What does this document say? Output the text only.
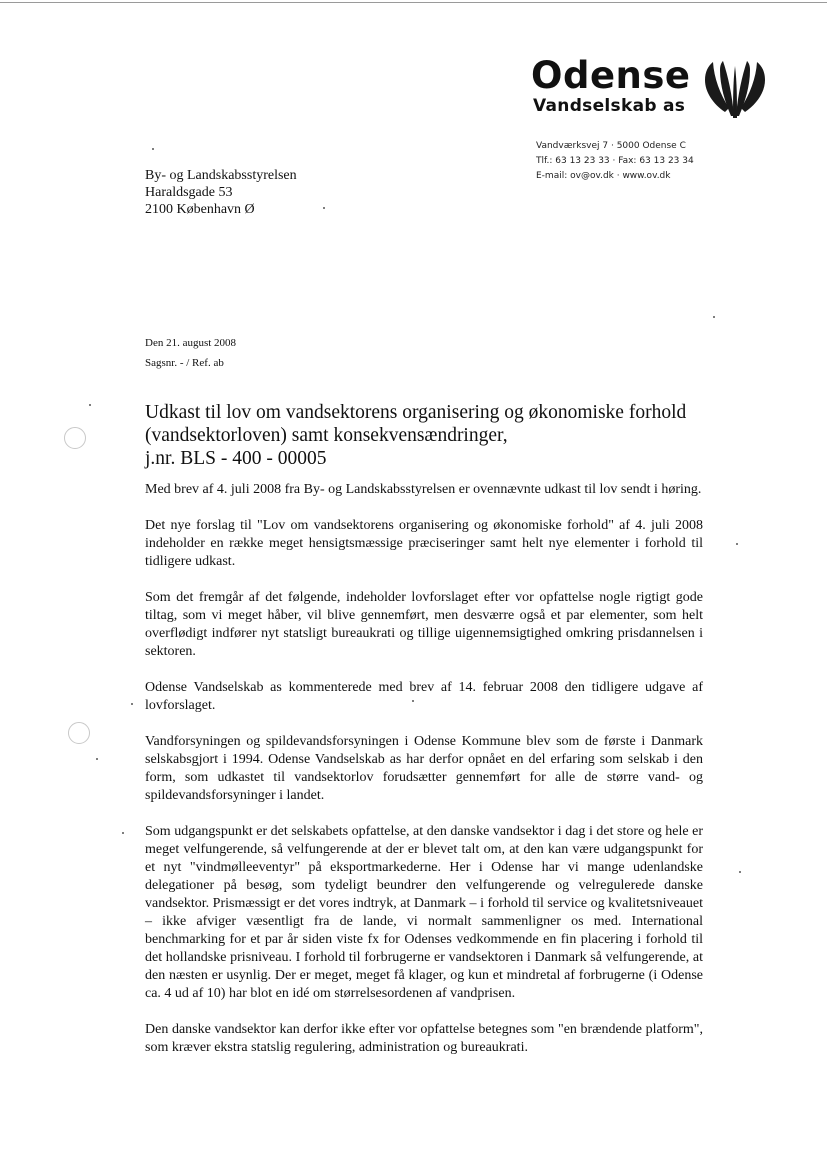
Odense
Vandselskab as
Vandværksvej 7 · 5000 Odense C
Tlf.: 63 13 23 33 · Fax: 63 13 23 34
E-mail: ov@ov.dk · www.ov.dk
By- og Landskabsstyrelsen
Haraldsgade 53
2100 København Ø
Den 21. august 2008
Sagsnr. - / Ref. ab
Udkast til lov om vandsektorens organisering og økonomiske forhold
(vandsektorloven) samt konsekvensændringer,
j.nr. BLS - 400 - 00005

Med brev af 4. juli 2008 fra By- og Landskabsstyrelsen er ovennævnte udkast til lov sendt i høring.

Det nye forslag til "Lov om vandsektorens organisering og økonomiske forhold" af 4. juli 2008 indeholder en række meget hensigtsmæssige præciseringer samt helt nye elementer i forhold til tidligere udkast.

Som det fremgår af det følgende, indeholder lovforslaget efter vor opfattelse nogle rigtigt gode tiltag, som vi meget håber, vil blive gennemført, men desværre også et par elementer, som helt overflødigt indfører nyt statsligt bureaukrati og tillige uigennemsigtighed omkring prisdannelsen i sektoren.

Odense Vandselskab as kommenterede med brev af 14. februar 2008 den tidligere udgave af lovforslaget.

Vandforsyningen og spildevandsforsyningen i Odense Kommune blev som de første i Danmark selskabsgjort i 1994. Odense Vandselskab as har derfor opnået en del erfaring som selskab i den form, som udkastet til vandsektorlov forudsætter gennemført for alle de større vand- og spildevandsforsyninger i landet.

Som udgangspunkt er det selskabets opfattelse, at den danske vandsektor i dag i det store og hele er meget velfungerende, så velfungerende at der er blevet talt om, at den kan være udgangspunkt for et nyt "vindmølleeventyr" på eksportmarkederne. Her i Odense har vi mange udenlandske delegationer på besøg, som tydeligt beundrer den velfungerende og velregulerede danske vandsektor. Prismæssigt er det vores indtryk, at Danmark – i forhold til service og kvalitetsniveauet – ikke afviger væsentligt fra de lande, vi normalt sammenligner os med. International benchmarking for et par år siden viste fx for Odenses vedkommende en fin placering i forhold til det hollandske prisniveau. I forhold til forbrugerne er vandsektoren i Danmark så velfungerende, at den næsten er usynlig. Der er meget, meget få klager, og kun et mindretal af forbrugerne (i Odense ca. 4 ud af 10) har blot en idé om størrelsesordenen af vandprisen.

Den danske vandsektor kan derfor ikke efter vor opfattelse betegnes som "en brændende platform", som kræver ekstra statslig regulering, administration og bureaukrati.
